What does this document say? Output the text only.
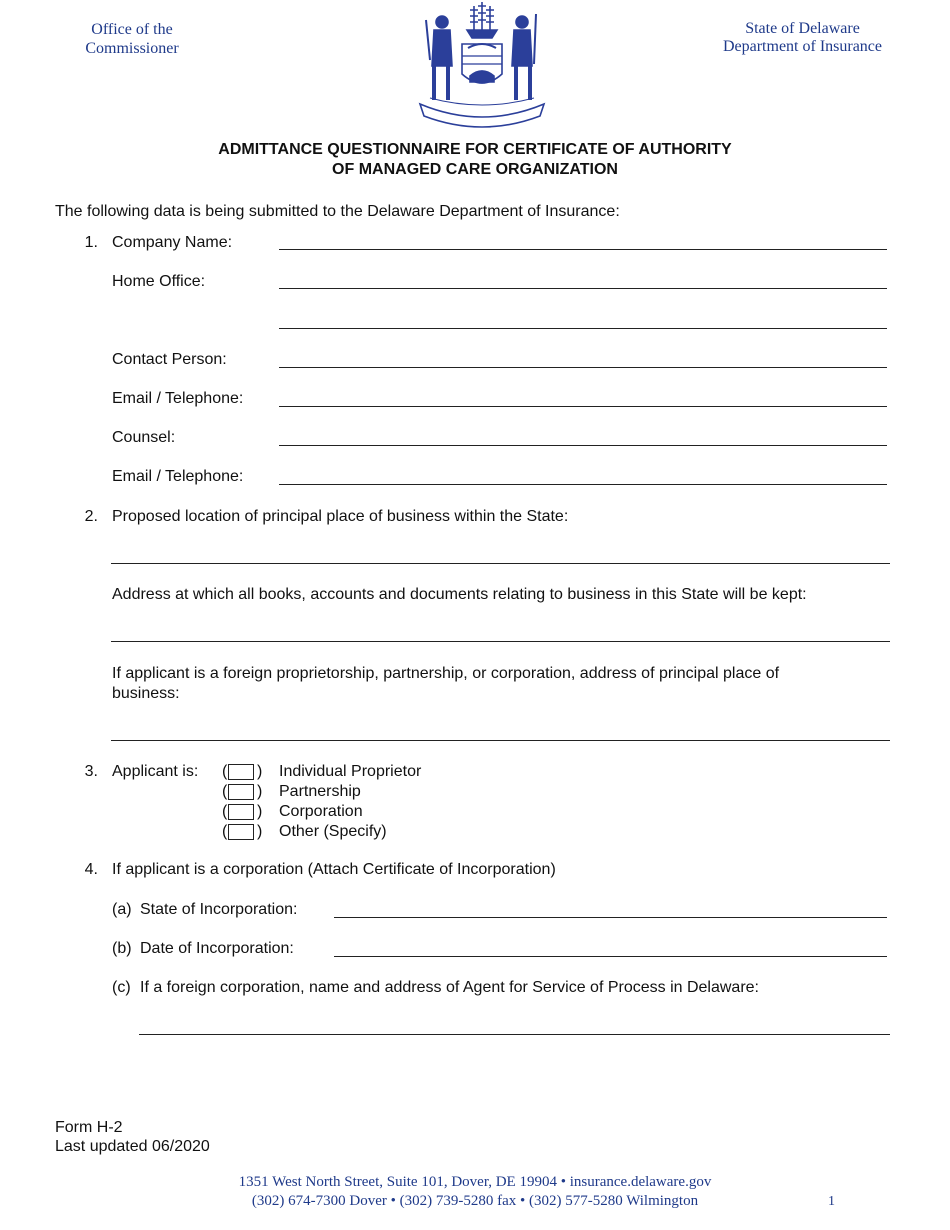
Office of the
Commissioner
State of Delaware
Department of Insurance
ADMITTANCE QUESTIONNAIRE FOR CERTIFICATE OF AUTHORITY
OF MANAGED CARE ORGANIZATION
The following data is being submitted to the Delaware Department of Insurance:
1. Company Name:
Home Office:
Contact Person:
Email / Telephone:
Counsel:
Email / Telephone:
2. Proposed location of principal place of business within the State:
Address at which all books, accounts and documents relating to business in this State will be kept:
If applicant is a foreign proprietorship, partnership, or corporation, address of principal place of
business:
3. Applicant is: ( ) Individual Proprietor
( ) Partnership
( ) Corporation
( ) Other (Specify)
4. If applicant is a corporation (Attach Certificate of Incorporation)
(a) State of Incorporation:
(b) Date of Incorporation:
(c) If a foreign corporation, name and address of Agent for Service of Process in Delaware:
Form H-2
Last updated 06/2020
1351 West North Street, Suite 101, Dover, DE 19904 • insurance.delaware.gov
(302) 674-7300 Dover • (302) 739-5280 fax • (302) 577-5280 Wilmington	1
